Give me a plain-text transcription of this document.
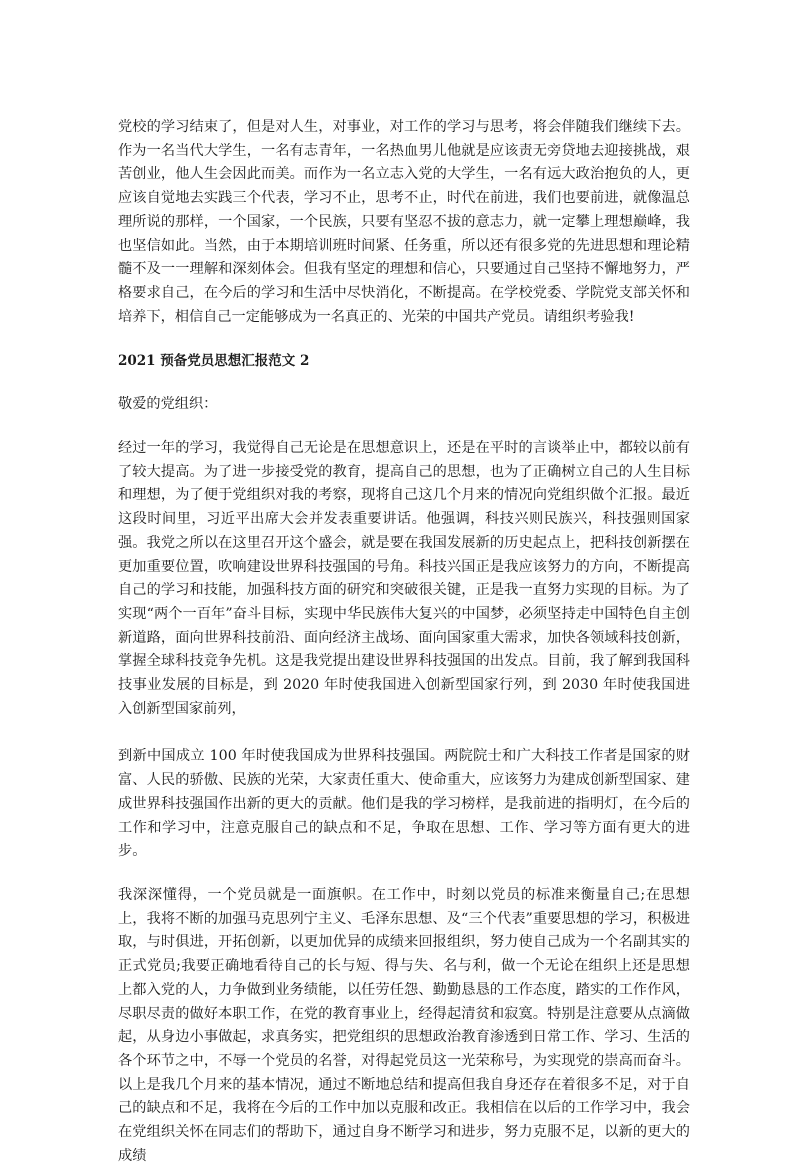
党校的学习结束了，但是对人生，对事业，对工作的学习与思考，将会伴随我们继续下去。作为一名当代大学生，一名有志青年，一名热血男儿他就是应该责无旁贷地去迎接挑战，艰苦创业，他人生会因此而美。而作为一名立志入党的大学生，一名有远大政治抱负的人，更应该自觉地去实践三个代表，学习不止，思考不止，时代在前进，我们也要前进，就像温总理所说的那样，一个国家，一个民族，只要有坚忍不拔的意志力，就一定攀上理想巅峰，我也坚信如此。当然，由于本期培训班时间紧、任务重，所以还有很多党的先进思想和理论精髓不及一一理解和深刻体会。但我有坚定的理想和信心，只要通过自己坚持不懈地努力，严格要求自己，在今后的学习和生活中尽快消化，不断提高。在学校党委、学院党支部关怀和培养下，相信自己一定能够成为一名真正的、光荣的中国共产党员。请组织考验我!

2021 预备党员思想汇报范文 2

敬爱的党组织：

经过一年的学习，我觉得自己无论是在思想意识上，还是在平时的言谈举止中，都较以前有了较大提高。为了进一步接受党的教育，提高自己的思想，也为了正确树立自己的人生目标和理想，为了便于党组织对我的考察，现将自己这几个月来的情况向党组织做个汇报。最近这段时间里，习近平出席大会并发表重要讲话。他强调，科技兴则民族兴，科技强则国家强。我党之所以在这里召开这个盛会，就是要在我国发展新的历史起点上，把科技创新摆在更加重要位置，吹响建设世界科技强国的号角。科技兴国正是我应该努力的方向，不断提高自己的学习和技能，加强科技方面的研究和突破很关键，正是我一直努力实现的目标。为了实现“两个一百年”奋斗目标，实现中华民族伟大复兴的中国梦，必须坚持走中国特色自主创新道路，面向世界科技前沿、面向经济主战场、面向国家重大需求，加快各领域科技创新，掌握全球科技竞争先机。这是我党提出建设世界科技强国的出发点。目前，我了解到我国科技事业发展的目标是，到 2020 年时使我国进入创新型国家行列，到 2030 年时使我国进入创新型国家前列，

到新中国成立 100 年时使我国成为世界科技强国。两院院士和广大科技工作者是国家的财富、人民的骄傲、民族的光荣，大家责任重大、使命重大，应该努力为建成创新型国家、建成世界科技强国作出新的更大的贡献。他们是我的学习榜样，是我前进的指明灯，在今后的工作和学习中，注意克服自己的缺点和不足，争取在思想、工作、学习等方面有更大的进步。

我深深懂得，一个党员就是一面旗帜。在工作中，时刻以党员的标准来衡量自己;在思想上，我将不断的加强马克思列宁主义、毛泽东思想、及“三个代表”重要思想的学习，积极进取，与时俱进，开拓创新，以更加优异的成绩来回报组织，努力使自己成为一个名副其实的正式党员;我要正确地看待自己的长与短、得与失、名与利，做一个无论在组织上还是思想上都入党的人，力争做到业务绩能，以任劳任怨、勤勤恳恳的工作态度，踏实的工作作风，尽职尽责的做好本职工作，在党的教育事业上，经得起清贫和寂寞。特别是注意要从点滴做起，从身边小事做起，求真务实，把党组织的思想政治教育渗透到日常工作、学习、生活的各个环节之中，不辱一个党员的名誉，对得起党员这一光荣称号，为实现党的崇高而奋斗。以上是我几个月来的基本情况，通过不断地总结和提高但我自身还存在着很多不足，对于自己的缺点和不足，我将在今后的工作中加以克服和改正。我相信在以后的工作学习中，我会在党组织关怀在同志们的帮助下，通过自身不断学习和进步，努力克服不足，以新的更大的成绩
